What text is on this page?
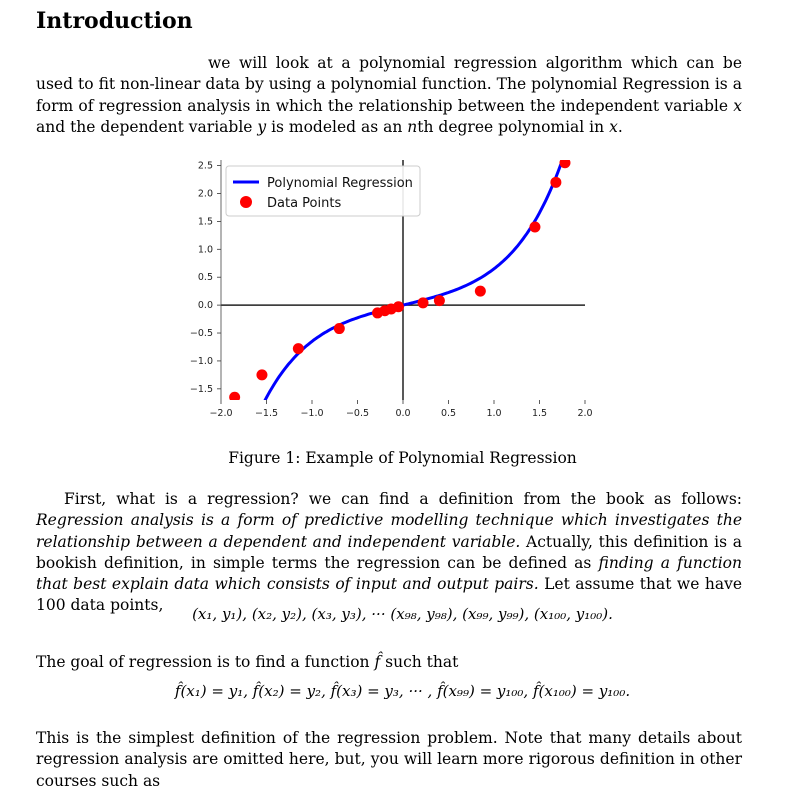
Introduction

we will look at a polynomial regression algorithm which can be used to fit non-linear data by using a polynomial function. The polynomial Regression is a form of regression analysis in which the relationship between the independent variable x and the dependent variable y is modeled as an nth degree polynomial in x.

−2.0 −1.5 −1.0 −0.5	0.0	0.5	1.0	1.5	2.0
−1.5
−1.0
−0.5
0.0
0.5
1.0
1.5
2.0
2.5
Polynomial Regression
Data Points
Figure 1: Example of Polynomial Regression

First, what is a regression? we can find a definition from the book as follows: Regression analysis is a form of predictive modelling technique which investigates the relationship between a dependent and independent variable. Actually, this definition is a bookish definition, in simple terms the regression can be defined as finding a function that best explain data which consists of input and output pairs. Let assume that we have 100 data points,	(x₁, y₁), (x₂, y₂), (x₃, y₃), ··· (x₉₈, y₉₈), (x₉₉, y₉₉), (x₁₀₀, y₁₀₀).

The goal of regression is to find a function f̂ such that

f̂(x₁) = y₁, f̂(x₂) = y₂, f̂(x₃) = y₃, ··· , f̂(x₉₉) = y₁₀₀, f̂(x₁₀₀) = y₁₀₀.

This is the simplest definition of the regression problem. Note that many details about regression analysis are omitted here, but, you will learn more rigorous definition in other courses such as
